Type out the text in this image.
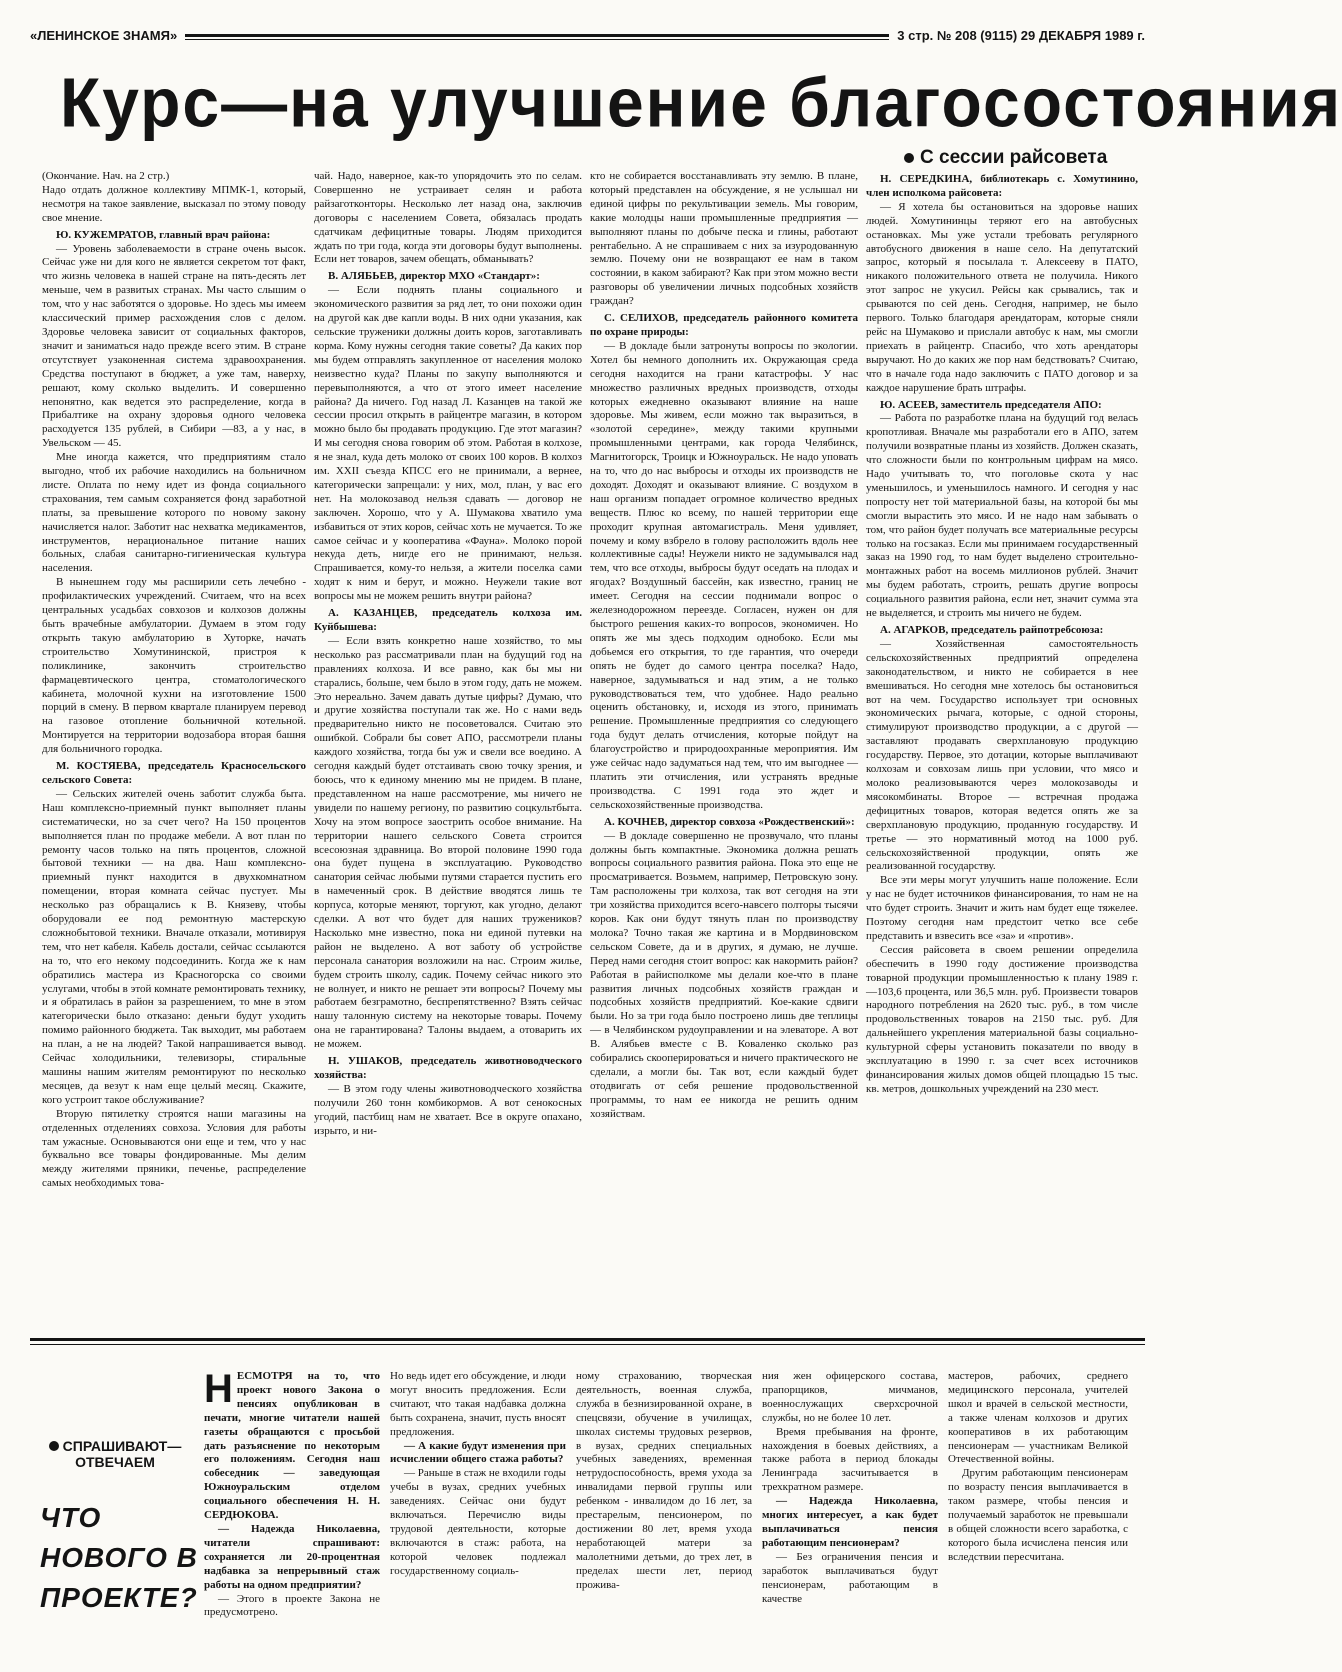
«ЛЕНИНСКОЕ ЗНАМЯ»	3 стр. № 208 (9115) 29 ДЕКАБРЯ 1989 г.
Курс—на улучшение благосостояния
С сессии райсовета

(Окончание. Нач. на 2 стр.)

Надо отдать должное коллективу МПМК-1, который, несмотря на такое заявление, высказал по этому поводу свое мнение.

Ю. КУЖЕМРАТОВ, главный врач района:

— Уровень заболеваемости в стране очень высок. Сейчас уже ни для кого не является секретом тот факт, что жизнь человека в нашей стране на пять-десять лет меньше, чем в развитых странах. Мы часто слышим о том, что у нас заботятся о здоровье. Но здесь мы имеем классический пример расхождения слов с делом. Здоровье человека зависит от социальных факторов, значит и заниматься надо прежде всего этим. В стране отсутствует узаконенная система здравоохранения. Средства поступают в бюджет, а уже там, наверху, решают, кому сколько выделить. И совершенно непонятно, как ведется это распределение, когда в Прибалтике на охрану здоровья одного человека расходуется 135 рублей, в Сибири —83, а у нас, в Увельском — 45.

Мне иногда кажется, что предприятиям стало выгодно, чтоб их рабочие находились на больничном листе. Оплата по нему идет из фонда социального страхования, тем самым сохраняется фонд заработной платы, за превышение которого по новому закону начисляется налог. Заботит нас нехватка медикаментов, инструментов, нерациональное питание наших больных, слабая санитарно-гигиеническая культура населения.

В нынешнем году мы расширили сеть лечебно - профилактических учреждений. Считаем, что на всех центральных усадьбах совхозов и колхозов должны быть врачебные амбулатории. Думаем в этом году открыть такую амбулаторию в Хуторке, начать строительство Хомутининской, пристроя к поликлинике, закончить строительство фармацевтического центра, стоматологического кабинета, молочной кухни на изготовление 1500 порций в смену. В первом квартале планируем перевод на газовое отопление больничной котельной. Монтируется на территории водозабора вторая башня для больничного городка.

М. КОСТЯЕВА, председатель Красносельского сельского Совета:

— Сельских жителей очень заботит служба быта. Наш комплексно-приемный пункт выполняет планы систематически, но за счет чего? На 150 процентов выполняется план по продаже мебели. А вот план по ремонту часов только на пять процентов, сложной бытовой техники — на два. Наш комплексно- приемный пункт находится в двухкомнатном помещении, вторая комната сейчас пустует. Мы несколько раз обращались к В. Князеву, чтобы оборудовали ее под ремонтную мастерскую сложнобытовой техники. Вначале отказали, мотивируя тем, что нет кабеля. Кабель достали, сейчас ссылаются на то, что его некому подсоединить. Когда же к нам обратились мастера из Красногорска со своими услугами, чтобы в этой комнате ремонтировать технику, и я обратилась в район за разрешением, то мне в этом категорически было отказано: деньги будут уходить помимо районного бюджета. Так выходит, мы работаем на план, а не на людей? Такой напрашивается вывод. Сейчас холодильники, телевизоры, стиральные машины нашим жителям ремонтируют по несколько месяцев, да везут к нам еще целый месяц. Скажите, кого устроит такое обслуживание?

Вторую пятилетку строятся наши магазины на отделенных отделениях совхоза. Условия для работы там ужасные. Основываются они еще и тем, что у нас буквально все товары фондированные. Мы делим между жителями пряники, печенье, распределение самых необходимых това-

чай. Надо, наверное, как-то упорядочить это по селам. Совершенно не устраивает селян и работа райзаготконторы. Несколько лет назад она, заключив договоры с населением Совета, обязалась продать сдатчикам дефицитные товары. Людям приходится ждать по три года, когда эти договоры будут выполнены. Если нет товаров, зачем обещать, обманывать?

В. АЛЯБЬЕВ, директор МХО «Стандарт»:

— Если поднять планы социального и экономического развития за ряд лет, то они похожи один на другой как две капли воды. В них одни указания, как сельские труженики должны доить коров, заготавливать корма. Кому нужны сегодня такие советы? Да каких пор мы будем отправлять закупленное от населения молоко неизвестно куда? Планы по закупу выполняются и перевыполняются, а что от этого имеет население района? Да ничего. Год назад Л. Казанцев на такой же сессии просил открыть в райцентре магазин, в котором можно было бы продавать продукцию. Где этот магазин? И мы сегодня снова говорим об этом. Работая в колхозе, я не знал, куда деть молоко от своих 100 коров. В колхоз им. XXII съезда КПСС его не принимали, а вернее, категорически запрещали: у них, мол, план, у вас его нет. На молокозавод нельзя сдавать — договор не заключен. Хорошо, что у А. Шумакова хватило ума избавиться от этих коров, сейчас хоть не мучается. То же самое сейчас и у кооператива «Фауна». Молоко порой некуда деть, нигде его не принимают, нельзя. Спрашивается, кому-то нельзя, а жители поселка сами ходят к ним и берут, и можно. Неужели такие вот вопросы мы не можем решить внутри района?

А. КАЗАНЦЕВ, председатель колхоза им. Куйбышева:

— Если взять конкретно наше хозяйство, то мы несколько раз рассматривали план на будущий год на правлениях колхоза. И все равно, как бы мы ни старались, больше, чем было в этом году, дать не можем. Это нереально. Зачем давать дутые цифры? Думаю, что и другие хозяйства поступали так же. Но с нами ведь предварительно никто не посоветовался. Считаю это ошибкой. Собрали бы совет АПО, рассмотрели планы каждого хозяйства, тогда бы уж и свели все воедино. А сегодня каждый будет отстаивать свою точку зрения, и боюсь, что к единому мнению мы не придем. В плане, представленном на наше рассмотрение, мы ничего не увидели по нашему региону, по развитию соцкультбыта. Хочу на этом вопросе заострить особое внимание. На территории нашего сельского Совета строится всесоюзная здравница. Во второй половине 1990 года она будет пущена в эксплуатацию. Руководство санатория сейчас любыми путями старается пустить его в намеченный срок. В действие вводятся лишь те корпуса, которые меняют, торгуют, как угодно, делают сделки. А вот что будет для наших тружеников? Насколько мне известно, пока ни единой путевки на район не выделено. А вот заботу об устройстве персонала санатория возложили на нас. Строим жилье, будем строить школу, садик. Почему сейчас никого это не волнует, и никто не решает эти вопросы? Почему мы работаем безграмотно, беспрепятственно? Взять сейчас нашу талонную систему на некоторые товары. Почему она не гарантирована? Талоны выдаем, а отоварить их не можем.

Н. УШАКОВ, председатель животноводческого хозяйства:

— В этом году члены животноводческого хозяйства получили 260 тонн комбикормов. А вот сенокосных угодий, пастбищ нам не хватает. Все в округе опахано, изрыто, и ни-

кто не собирается восстанавливать эту землю. В плане, который представлен на обсуждение, я не услышал ни единой цифры по рекультивации земель. Мы говорим, какие молодцы наши промышленные предприятия — выполняют планы по добыче песка и глины, работают рентабельно. А не спрашиваем с них за изуродованную землю. Почему они не возвращают ее нам в таком состоянии, в каком забирают? Как при этом можно вести разговоры об увеличении личных подсобных хозяйств граждан?

С. СЕЛИХОВ, председатель районного комитета по охране природы:

— В докладе были затронуты вопросы по экологии. Хотел бы немного дополнить их. Окружающая среда сегодня находится на грани катастрофы. У нас множество различных вредных производств, отходы которых ежедневно оказывают влияние на наше здоровье. Мы живем, если можно так выразиться, в «золотой середине», между такими крупными промышленными центрами, как города Челябинск, Магнитогорск, Троицк и Южноуральск. Не надо уповать на то, что до нас выбросы и отходы их производств не доходят. Доходят и оказывают влияние. С воздухом в наш организм попадает огромное количество вредных веществ. Плюс ко всему, по нашей территории еще проходит крупная автомагистраль. Меня удивляет, почему и кому взбрело в голову расположить вдоль нее коллективные сады! Неужели никто не задумывался над тем, что все отходы, выбросы будут оседать на плодах и ягодах? Воздушный бассейн, как известно, границ не имеет. Сегодня на сессии поднимали вопрос о железнодорожном переезде. Согласен, нужен он для быстрого решения каких-то вопросов, экономичен. Но опять же мы здесь подходим однобоко. Если мы добьемся его открытия, то где гарантия, что очереди опять не будет до самого центра поселка? Надо, наверное, задумываться и над этим, а не только руководствоваться тем, что удобнее. Надо реально оценить обстановку, и, исходя из этого, принимать решение. Промышленные предприятия со следующего года будут делать отчисления, которые пойдут на благоустройство и природоохранные мероприятия. Им уже сейчас надо задуматься над тем, что им выгоднее —платить эти отчисления, или устранять вредные производства. С 1991 года это ждет и сельскохозяйственные производства.

А. КОЧНЕВ, директор совхоза «Рождественский»:

— В докладе совершенно не прозвучало, что планы должны быть компактные. Экономика должна решать вопросы социального развития района. Пока это еще не просматривается. Возьмем, например, Петровскую зону. Там расположены три колхоза, так вот сегодня на эти три хозяйства приходится всего-навсего полторы тысячи коров. Как они будут тянуть план по производству молока? Точно такая же картина и в Мордвиновском сельском Совете, да и в других, я думаю, не лучше. Перед нами сегодня стоит вопрос: как накормить район? Работая в райисполкоме мы делали кое-что в плане развития личных подсобных хозяйств граждан и подсобных хозяйств предприятий. Кое-какие сдвиги были. Но за три года было построено лишь две теплицы — в Челябинском рудоуправлении и на элеваторе. А вот В. Алябьев вместе с В. Коваленко сколько раз собирались скооперироваться и ничего практического не сделали, а могли бы. Так вот, если каждый будет отодвигать от себя решение продовольственной программы, то нам ее никогда не решить одним хозяйствам.

Н. СЕРЕДКИНА, библиотекарь с. Хомутинино, член исполкома райсовета:

— Я хотела бы остановиться на здоровье наших людей. Хомутининцы теряют его на автобусных остановках. Мы уже устали требовать регулярного автобусного движения в наше село. На депутатский запрос, который я посылала т. Алексееву в ПАТО, никакого положительного ответа не получила. Никого этот запрос не укусил. Рейсы как срывались, так и срываются по сей день. Сегодня, например, не было первого. Только благодаря арендаторам, которые сняли рейс на Шумаково и прислали автобус к нам, мы смогли приехать в райцентр. Спасибо, что хоть арендаторы выручают. Но до каких же пор нам бедствовать? Считаю, что в начале года надо заключить с ПАТО договор и за каждое нарушение брать штрафы.

Ю. АСЕЕВ, заместитель председателя АПО:

— Работа по разработке плана на будущий год велась кропотливая. Вначале мы разработали его в АПО, затем получили возвратные планы из хозяйств. Должен сказать, что сложности были по контрольным цифрам на мясо. Надо учитывать то, что поголовье скота у нас уменьшилось, и уменьшилось намного. И сегодня у нас попросту нет той материальной базы, на которой бы мы смогли вырастить это мясо. И не надо нам забывать о том, что район будет получать все материальные ресурсы только на госзаказ. Если мы принимаем государственный заказ на 1990 год, то нам будет выделено строительно- монтажных работ на восемь миллионов рублей. Значит мы будем работать, строить, решать другие вопросы социального развития района, если нет, значит сумма эта не выделяется, и строить мы ничего не будем.

А. АГАРКОВ, председатель райпотребсоюза:

— Хозяйственная самостоятельность сельскохозяйственных предприятий определена законодательством, и никто не собирается в нее вмешиваться. Но сегодня мне хотелось бы остановиться вот на чем. Государство использует три основных экономических рычага, которые, с одной стороны, стимулируют производство продукции, а с другой — заставляют продавать сверхплановую продукцию государству. Первое, это дотации, которые выплачивают колхозам и совхозам лишь при условии, что мясо и молоко реализовываются через молокозаводы и мясокомбинаты. Второе — встречная продажа дефицитных товаров, которая ведется опять же за сверхплановую продукцию, проданную государству. И третье — это нормативный мотод на 1000 руб. сельскохозяйственной продукции, опять же реализованной государству.

Все эти меры могут улучшить наше положение. Если у нас не будет источников финансирования, то нам не на что будет строить. Значит и жить нам будет еще тяжелее. Поэтому сегодня нам предстоит четко все себе представить и взвесить все «за» и «против».

Сессия райсовета в своем решении определила обеспечить в 1990 году достижение производства товарной продукции промышленностью к плану 1989 г.—103,6 процента, или 36,5 млн. руб. Произвести товаров народного потребления на 2620 тыс. руб., в том числе продовольственных товаров на 2150 тыс. руб. Для дальнейшего укрепления материальной базы социально-культурной сферы установить показатели по вводу в эксплуатацию в 1990 г. за счет всех источников финансирования жилых домов общей площадью 15 тыс. кв. метров, дошкольных учреждений на 230 мест.

СПРАШИВАЮТ— ОТВЕЧАЕМ
ЧТО НОВОГО В ПРОЕКТЕ?

НЕСМОТРЯ на то, что проект нового Закона о пенсиях опубликован в печати, многие читатели нашей газеты обращаются с просьбой дать разъяснение по некоторым его положениям. Сегодня наш собеседник — заведующая Южноуральским отделом социального обеспечения Н. Н. СЕРДЮКОВА.

— Надежда Николаевна, читатели спрашивают: сохраняется ли 20-процентная надбавка за непрерывный стаж работы на одном предприятии?

— Этого в проекте Закона не предусмотрено.

Но ведь идет его обсуждение, и люди могут вносить предложения. Если считают, что такая надбавка должна быть сохранена, значит, пусть вносят предложения.

— А какие будут изменения при исчислении общего стажа работы?

— Раньше в стаж не входили годы учебы в вузах, средних учебных заведениях. Сейчас они будут включаться. Перечислю виды трудовой деятельности, которые включаются в стаж: работа, на которой человек подлежал государственному социаль-

ному страхованию, творческая деятельность, военная служба, служба в безнизированной охране, в спецсвязи, обучение в училищах, школах системы трудовых резервов, в вузах, средних специальных учебных заведениях, временная нетрудоспособность, время ухода за инвалидами первой группы или ребенком - инвалидом до 16 лет, за престарелым, пенсионером, по достижении 80 лет, время ухода неработающей матери за малолетними детьми, до трех лет, в пределах шести лет, период прожива-

ния жен офицерского состава, прапорщиков, мичманов, военнослужащих сверхсрочной службы, но не более 10 лет.

Время пребывания на фронте, нахождения в боевых действиях, а также работа в период блокады Ленинграда засчитывается в трехкратном размере.

— Надежда Николаевна, многих интересует, а как будет выплачиваться пенсия работающим пенсионерам?

— Без ограничения пенсия и заработок выплачиваться будут пенсионерам, работающим в качестве

мастеров, рабочих, среднего медицинского персонала, учителей школ и врачей в сельской местности, а также членам колхозов и других кооперативов в их работающим пенсионерам — участникам Великой Отечественной войны.

Другим работающим пенсионерам по возрасту пенсия выплачивается в таком размере, чтобы пенсия и получаемый заработок не превышали в общей сложности всего заработка, с которого была исчислена пенсия или вследствии пересчитана.
